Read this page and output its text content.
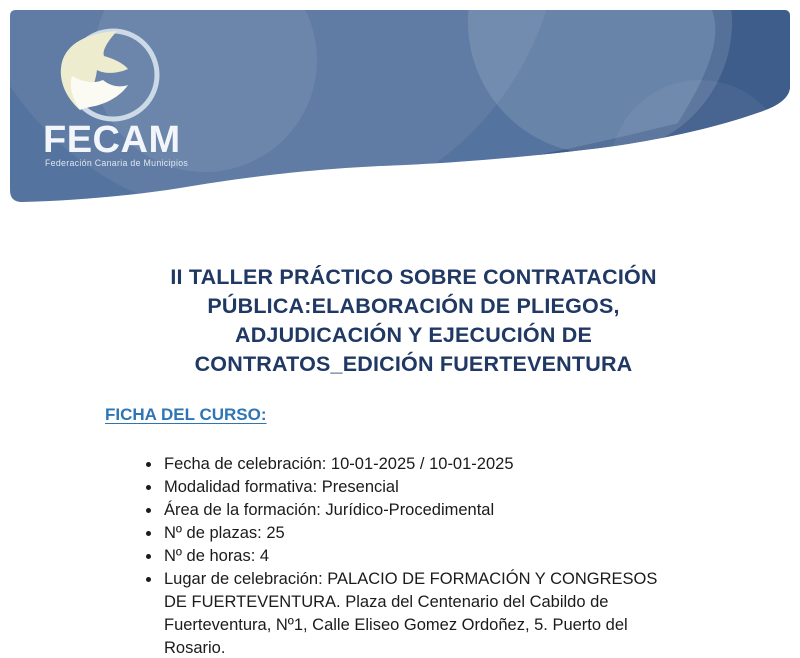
FECAM
Federación Canaria de Municipios
II TALLER PRÁCTICO SOBRE CONTRATACIÓN
PÚBLICA:ELABORACIÓN DE PLIEGOS,
ADJUDICACIÓN Y EJECUCIÓN DE
CONTRATOS_EDICIÓN FUERTEVENTURA
FICHA DEL CURSO:
• Fecha de celebración: 10-01-2025 / 10-01-2025
• Modalidad formativa: Presencial
• Área de la formación: Jurídico-Procedimental
• Nº de plazas: 25
• Nº de horas: 4
• Lugar de celebración: PALACIO DE FORMACIÓN Y CONGRESOS DE FUERTEVENTURA. Plaza del Centenario del Cabildo de Fuerteventura, Nº1, Calle Eliseo Gomez Ordoñez, 5. Puerto del Rosario.
